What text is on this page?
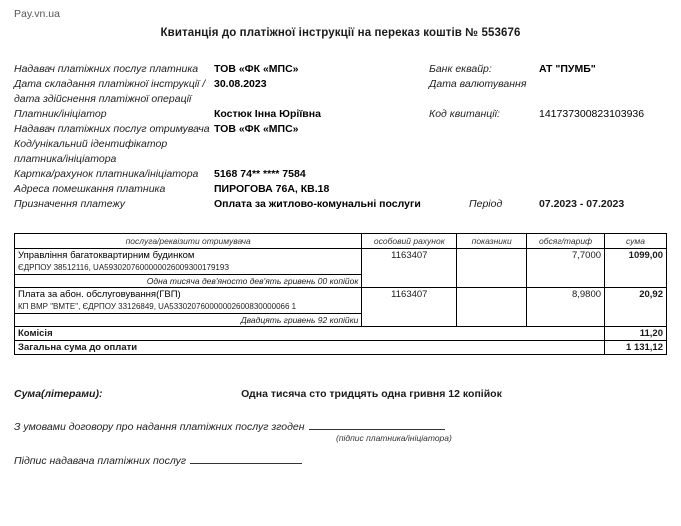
Pay.vn.ua
Квитанція до платіжної інструкції на переказ коштів № 553676
Надавач платіжних послуг платника	ТОВ «ФК «МПС»	Банк еквайр:	АТ "ПУМБ"
Дата складання платіжної інструкції /дата здійснення платіжної операції
30.08.2023	Дата валютування
Платник/ініціатор	Костюк Інна Юріївна	Код квитанції:	141737300823103936
Надавач платіжних послуг отримувача ТОВ «ФК «МПС»
Код/унікальний ідентифікатор платника/ініціатора
Картка/рахунок платника/ініціатора	5168 74** **** 7584
Адреса помешкання платника	ПИРОГОВА 76А, КВ.18
Призначення платежу	Оплата за житлово-комунальні послуги	Період	07.2023 - 07.2023
послуга/реквізити отримувача	особовий рахунок	показники	обсяг/тариф	сума

Управління багатоквартирним будинком
ЄДРПОУ 38512116, UA593020760000002600930017919З	1163407		7,7000	1099,00
Одна тисяча дев'яносто дев'ять гривень 00 копійок				

Плата за абон. обслуговування(ГВП)
КП ВМР "ВМТЕ", ЄДРПОУ 33126849, UA533020760000002600830000066 1	1163407		8,9800	20,92
Двадцять гривень 92 копійки				
Комісія				11,20
Загальна сума до оплати				1 131,12
Сума(літерами):	Одна тисяча сто тридцять одна гривня 12 копійок
З умовами договору про надання платіжних послуг згоден
(підпис платника/ініціатора)
Підпис надавача платіжних послуг
